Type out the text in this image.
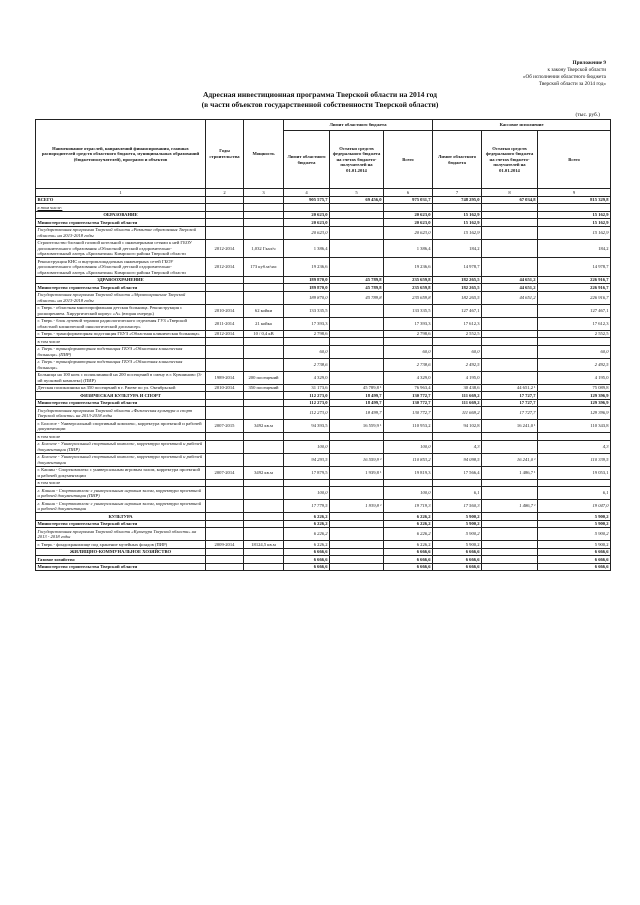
Приложение 9
к закону Тверской области
«Об исполнении областного бюджета
Тверской области за 2014 год»
Адресная инвестиционная программа Тверской области на 2014 год
(в части объектов государственной собственности Тверской области)
(тыс. руб.)
Наименование отраслей, направлений финансирования, главных распорядителей средств областного бюджета, муниципальных образований (бюджетополучателей), программ и объектов	Годы строительства	Мощность	Лимит областного бюджета			Кассовое исполнение		
			Лимит областного бюджета	Остатки средств федерального бюджета на счетах бюджето-получателей на 01.01.2014	Всего	Лимит областного бюджета	Остатки средств федерального бюджета на счетах бюджето-получателей на 01.01.2014	Всего
1	2	3	4	5	6	7	8	9
ВСЕГО			905 575,7	69 456,0	975 031,7	748 295,0	67 034,8	815 329,8
в том числе:								
ОБРАЗОВАНИЕ			20 623,0		20 623,0	15 162,9		15 162,9
Министерство строительства Тверской области			20 623,0		20 623,0	15 162,9		15 162,9
Государственная программа Тверской области «Развитие образования Тверской области» на 2013-2018 годы			20 623,0		20 623,0	15 162,9		15 162,9
Строительство блочной газовой котельной с инженерными сетями к ней ГБОУ дополнительного образования «Областной детский оздоровительно-образовательный лагерь «Бригантина» Кимрского района Тверской области	2012-2014	1,032 Гкал/ч	1 386,4		1 386,4	184,2		184,2
Реконструкция КНС и внутриплощадочных инженерных сетей ГБОУ дополнительного образования «Областной детский оздоровительно-образовательный лагерь «Бригантина» Кимрского района Тверской области	2012-2014	173 куб.м/час	19 236,6		19 236,6	14 978,7		14 978,7
ЗДРАВООХРАНЕНИЕ			189 870,0	45 789,8	235 659,8	182 265,5	44 651,2	226 916,7
Министерство строительства Тверской области			189 870,0	45 789,8	235 659,8	182 265,5	44 651,2	226 916,7
Государственная программа Тверской области «Здравоохранение Тверской области» на 2013-2018 годы			189 870,0	45 789,8	235 659,8	182 265,5	44 651,2	226 916,7
г. Тверь - областная многопрофильная детская больница. Реконструкция с расширением. Хирургический корпус «А» (вторая очередь)	2010-2014	62 койки	133 335,5		133 335,5	127 467,1		127 467,1
г. Тверь - блок лучевой терапии радиологического отделения ГУЗ «Тверской областной клинический онкологический диспансер»	2011-2014	21 койка	17 393,3		17 393,3	17 612,3		17 612,3
г. Тверь - трансформаторная подстанция ГБУЗ «Областная клиническая больница»	2012-2014	10 / 0,4 кВ	2 798,6		2 798,6	2 552,5		2 552,5
в том числе								
г. Тверь - трансформаторная подстанция ГБУЗ «Областная клиническая больница» (ПИР)			60,0		60,0	60,0		60,0
г. Тверь - трансформаторная подстанция ГБУЗ «Областная клиническая больница»			2 738,6		2 738,6	2 492,5		2 492,5
Больница на 100 коек с поликлиникой на 200 посещений в смену в г. Кувшиново (3-ий пусковой комплекс) (ПИР)	1989-2014	200 посещений	4 329,0		4 329,0	4 195,0		4 195,0
Детская поликлиника на 350 посещений в г. Ржеве по ул. Октябрьской	2010-2014	350 посещений	31 173,6	45 789,8 ¹	76 963,4	30 438,6	44 651,2 ¹	75 089,8
ФИЗИЧЕСКАЯ КУЛЬТУРА И СПОРТ			112 273,0	18 499,7	130 772,7	111 669,2	17 727,7	129 396,9
Министерство строительства Тверской области			112 273,0	18 499,7	130 772,7	111 669,2	17 727,7	129 396,9
Государственная программа Тверской области «Физическая культура и спорт Тверской области» на 2013-2018 годы			112 273,0	18 499,7	130 772,7	111 669,2	17 727,7	129 396,9
г. Бологое - Универсальный спортивный комплекс, корректура проектной и рабочей документации	2007-2015	3492 кв.м	94 393,5	16 559,9 ¹	110 953,2	94 102,8	16 241,0 ¹	110 343,8
в том числе								
г. Бологое - Универсальный спортивный комплекс, корректура проектной и рабочей документации (ПИР)			100,0		100,0	4,3		4,3
г. Бологое - Универсальный спортивный комплекс, корректура проектной и рабочей документации			94 293,5	16 559,9 ¹	110 853,2	94 098,5	16 241,0 ¹	110 339,5
г. Кашин - Спорткомплекс с универсальным игровым залом, корректура проектной и рабочей документации	2007-2014	3492 кв.м	17 879,5	1 939,8 ¹	19 819,3	17 566,4	1 486,7 ¹	19 053,1
в том числе								
г. Кашин - Спорткомплекс с универсальным игровым залом, корректура проектной и рабочей документации (ПИР)			100,0		100,0	6,1		6,1
г. Кашин - Спорткомплекс с универсальным игровым залом, корректура проектной и рабочей документации			17 779,5	1 939,8 ¹	19 719,3	17 560,3	1 486,7 ¹	19 047,0
КУЛЬТУРА			6 226,2		6 226,2	5 900,2		5 900,2
Министерство строительства Тверской области			6 226,2		6 226,2	5 900,2		5 900,2
Государственная программа Тверской области «Культура Тверской области» на 2013 - 2018 годы			6 226,2		6 226,2	5 900,2		5 900,2
г. Тверь - фондохранилище под хранение музейных фондов (ПИР)	2009-2014	18124,5 кв.м	6 226,2		6 226,2	5 900,2		5 900,2
ЖИЛИЩНО-КОММУНАЛЬНОЕ ХОЗЯЙСТВО			6 666,6		6 666,6	6 666,6		6 666,6
Газовое хозяйство			6 666,6		6 666,6	6 666,6		6 666,6
Министерство строительства Тверской области			6 666,6		6 666,6	6 666,6		6 666,6
